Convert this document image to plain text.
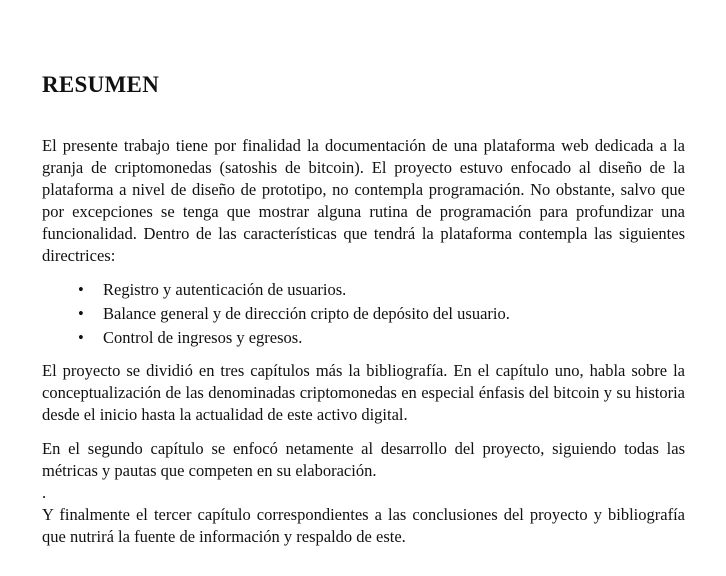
RESUMEN

El presente trabajo tiene por finalidad la documentación de una plataforma web dedicada a la granja de criptomonedas (satoshis de bitcoin). El proyecto estuvo enfocado al diseño de la plataforma a nivel de diseño de prototipo, no contempla programación. No obstante, salvo que por excepciones se tenga que mostrar alguna rutina de programación para profundizar una funcionalidad. Dentro de las características que tendrá la plataforma contempla las siguientes directrices:

• Registro y autenticación de usuarios.
• Balance general y de dirección cripto de depósito del usuario.
• Control de ingresos y egresos.

El proyecto se dividió en tres capítulos más la bibliografía. En el capítulo uno, habla sobre la conceptualización de las denominadas criptomonedas en especial énfasis del bitcoin y su historia desde el inicio hasta la actualidad de este activo digital.

En el segundo capítulo se enfocó netamente al desarrollo del proyecto, siguiendo todas las métricas y pautas que competen en su elaboración.

.

Y finalmente el tercer capítulo correspondientes a las conclusiones del proyecto y bibliografía que nutrirá la fuente de información y respaldo de este.
